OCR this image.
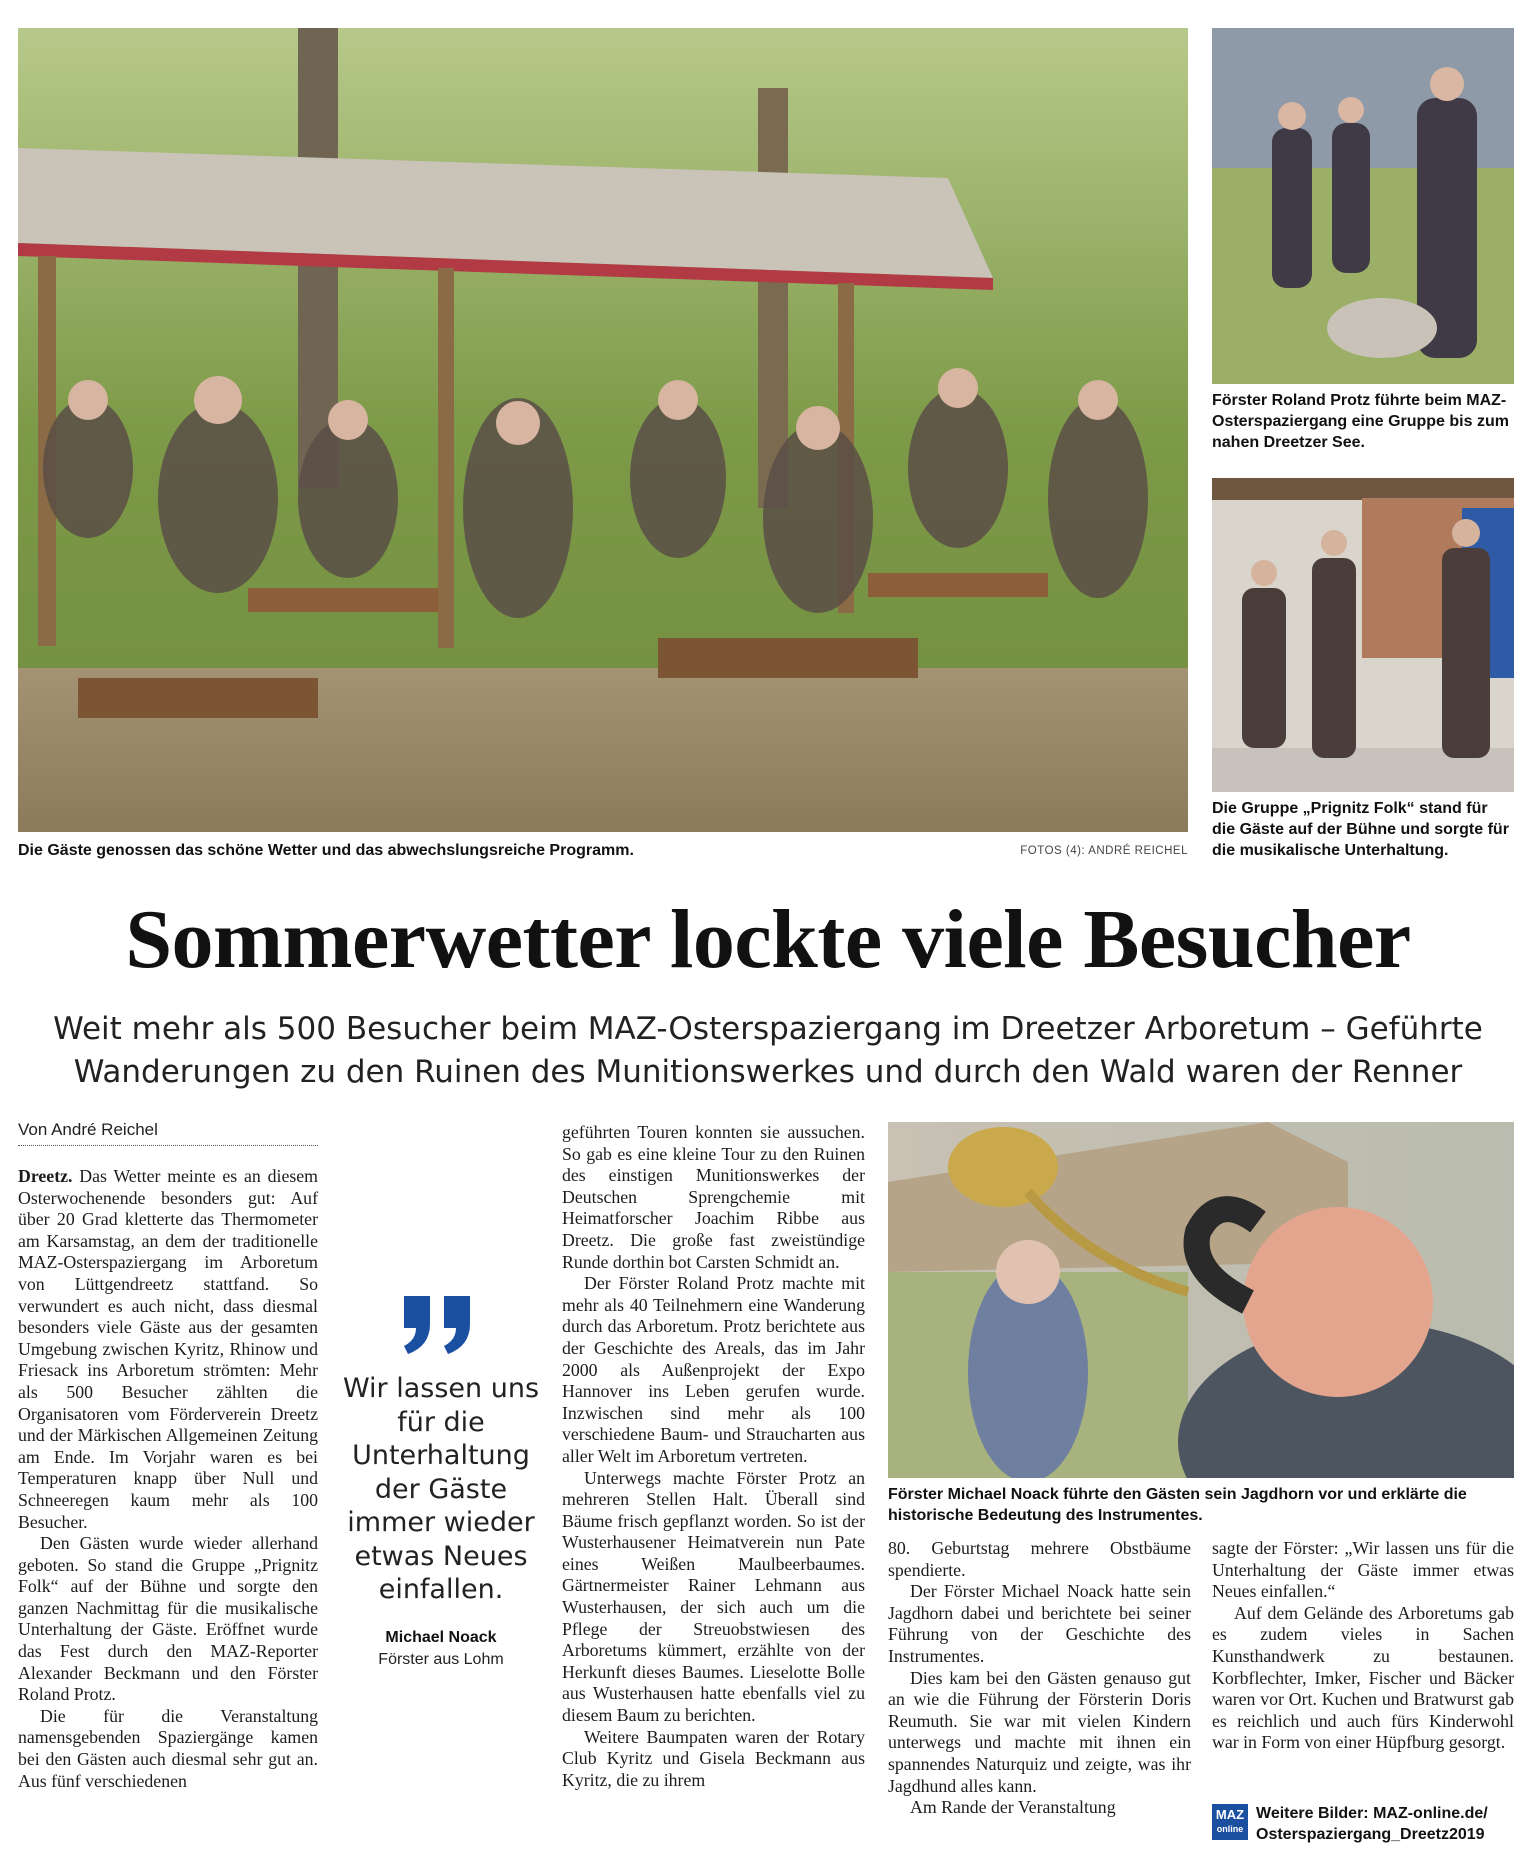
Die Gäste genossen das schöne Wetter und das abwechslungsreiche Programm.	FOTOS (4): ANDRÉ REICHEL
Förster Roland Protz führte beim MAZ-Osterspaziergang eine Gruppe bis zum nahen Dreetzer See.
Die Gruppe „Prignitz Folk“ stand für die Gäste auf der Bühne und sorgte für die musikalische Unterhaltung.
Sommerwetter lockte viele Besucher
Weit mehr als 500 Besucher beim MAZ-Osterspaziergang im Dreetzer Arboretum – Geführte Wanderungen zu den Ruinen des Munitionswerkes und durch den Wald waren der Renner
Von André Reichel

Dreetz. Das Wetter meinte es an diesem Osterwochenende besonders gut: Auf über 20 Grad kletterte das Thermometer am Karsamstag, an dem der traditionelle MAZ-Osterspaziergang im Arboretum von Lüttgendreetz stattfand. So verwundert es auch nicht, dass diesmal besonders viele Gäste aus der gesamten Umgebung zwischen Kyritz, Rhinow und Friesack ins Arboretum strömten: Mehr als 500 Besucher zählten die Organisatoren vom Förderverein Dreetz und der Märkischen Allgemeinen Zeitung am Ende. Im Vorjahr waren es bei Temperaturen knapp über Null und Schneeregen kaum mehr als 100 Besucher.

Den Gästen wurde wieder allerhand geboten. So stand die Gruppe „Prignitz Folk“ auf der Bühne und sorgte den ganzen Nachmittag für die musikalische Unterhaltung der Gäste. Eröffnet wurde das Fest durch den MAZ-Reporter Alexander Beckmann und den Förster Roland Protz.

Die für die Veranstaltung namensgebenden Spaziergänge kamen bei den Gästen auch diesmal sehr gut an. Aus fünf verschiedenen

Wir lassen uns für die Unterhaltung der Gäste immer wieder etwas Neues einfallen.
Michael Noack
Förster aus Lohm

geführten Touren konnten sie aussuchen. So gab es eine kleine Tour zu den Ruinen des einstigen Munitionswerkes der Deutschen Sprengchemie mit Heimatforscher Joachim Ribbe aus Dreetz. Die große fast zweistündige Runde dorthin bot Carsten Schmidt an.

Der Förster Roland Protz machte mit mehr als 40 Teilnehmern eine Wanderung durch das Arboretum. Protz berichtete aus der Geschichte des Areals, das im Jahr 2000 als Außenprojekt der Expo Hannover ins Leben gerufen wurde. Inzwischen sind mehr als 100 verschiedene Baum- und Straucharten aus aller Welt im Arboretum vertreten.

Unterwegs machte Förster Protz an mehreren Stellen Halt. Überall sind Bäume frisch gepflanzt worden. So ist der Wusterhausener Heimatverein nun Pate eines Weißen Maulbeerbaumes. Gärtnermeister Rainer Lehmann aus Wusterhausen, der sich auch um die Pflege der Streuobstwiesen des Arboretums kümmert, erzählte von der Herkunft dieses Baumes. Lieselotte Bolle aus Wusterhausen hatte ebenfalls viel zu diesem Baum zu berichten.

Weitere Baumpaten waren der Rotary Club Kyritz und Gisela Beckmann aus Kyritz, die zu ihrem

Förster Michael Noack führte den Gästen sein Jagdhorn vor und erklärte die historische Bedeutung des Instrumentes.

80. Geburtstag mehrere Obstbäume spendierte.

Der Förster Michael Noack hatte sein Jagdhorn dabei und berichtete bei seiner Führung von der Geschichte des Instrumentes.

Dies kam bei den Gästen genauso gut an wie die Führung der Försterin Doris Reumuth. Sie war mit vielen Kindern unterwegs und machte mit ihnen ein spannendes Naturquiz und zeigte, was ihr Jagdhund alles kann.

Am Rande der Veranstaltung

sagte der Förster: „Wir lassen uns für die Unterhaltung der Gäste immer etwas Neues einfallen.“

Auf dem Gelände des Arboretums gab es zudem vieles in Sachen Kunsthandwerk zu bestaunen. Korbflechter, Imker, Fischer und Bäcker waren vor Ort. Kuchen und Bratwurst gab es reichlich und auch fürs Kinderwohl war in Form von einer Hüpfburg gesorgt.

MAZ
online
Weitere Bilder: MAZ-online.de/
Osterspaziergang_Dreetz2019
